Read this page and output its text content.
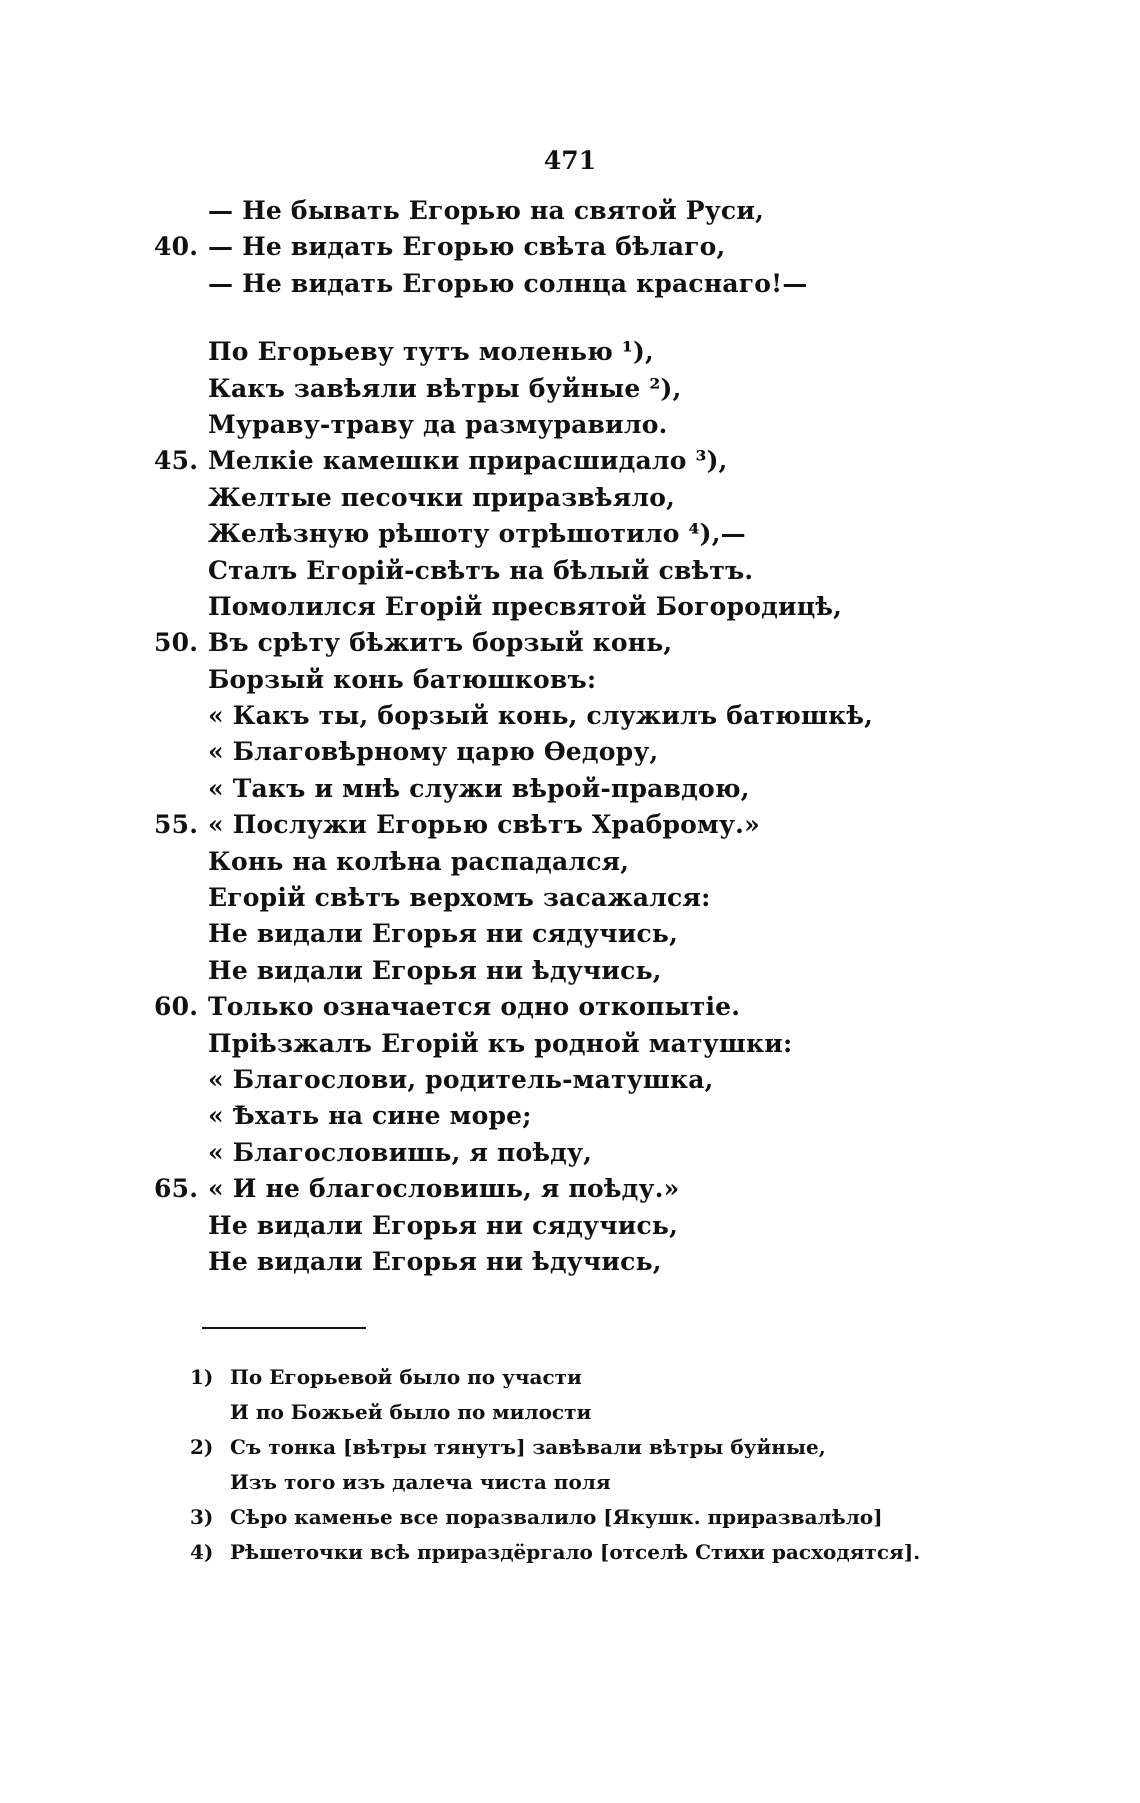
471
— Не бывать Егорью на святой Руси,
40. — Не видать Егорью свѣта бѣлаго,
— Не видать Егорью солнца краснаго!—
По Егорьеву тутъ моленью ¹),
Какъ завѣяли вѣтры буйные ²),
Мураву-траву да размуравило.
45. Мелкіе камешки прирасшидало ³),
Желтые песочки приразвѣяло,
Желѣзную рѣшоту отрѣшотило ⁴),—
Сталъ Егорій-свѣтъ на бѣлый свѣтъ.
Помолился Егорій пресвятой Богородицѣ,
50. Въ срѣту бѣжитъ борзый конь,
Борзый конь батюшковъ:
« Какъ ты, борзый конь, служилъ батюшкѣ,
« Благовѣрному царю Ѳедору,
« Такъ и мнѣ служи вѣрой-правдою,
55. « Послужи Егорью свѣтъ Храброму.»
Конь на колѣна распадался,
Егорій свѣтъ верхомъ засажался:
Не видали Егорья ни сядучись,
Не видали Егорья ни ѣдучись,
60. Только означается одно откопытіе.
Пріѣзжалъ Егорій къ родной матушки:
« Благослови, родитель-матушка,
« Ѣхать на сине море;
« Благословишь, я поѣду,
65. « И не благословишь, я поѣду.»
Не видали Егорья ни сядучись,
Не видали Егорья ни ѣдучись,
1) По Егорьевой было по участи
И по Божьей было по милости
2) Съ тонка [вѣтры тянутъ] завѣвали вѣтры буйные,
Изъ того изъ далеча чиста поля
3) Сѣро каменье все поразвалило [Якушк. приразвалѣло]
4) Рѣшеточки всѣ прираздёргало [отселѣ Стихи расходятся].
